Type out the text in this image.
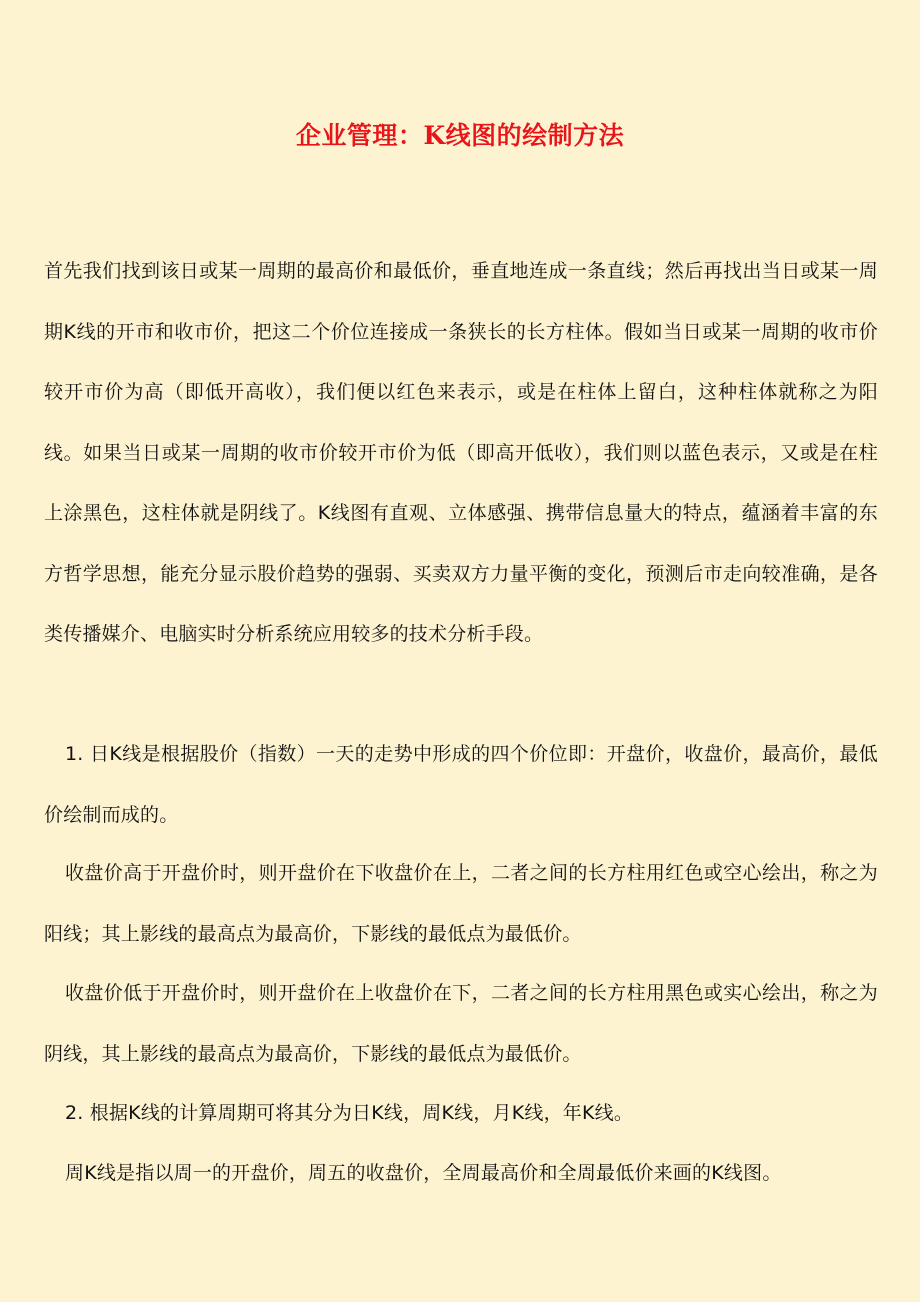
企业管理：K线图的绘制方法

首先我们找到该日或某一周期的最高价和最低价，垂直地连成一条直线；然后再找出当日或某一周期K线的开市和收市价，把这二个价位连接成一条狭长的长方柱体。假如当日或某一周期的收市价较开市价为高（即低开高收），我们便以红色来表示，或是在柱体上留白，这种柱体就称之为阳线。如果当日或某一周期的收市价较开市价为低（即高开低收），我们则以蓝色表示，又或是在柱上涂黑色，这柱体就是阴线了。K线图有直观、立体感强、携带信息量大的特点，蕴涵着丰富的东方哲学思想，能充分显示股价趋势的强弱、买卖双方力量平衡的变化，预测后市走向较准确，是各类传播媒介、电脑实时分析系统应用较多的技术分析手段。

1. 日K线是根据股价（指数）一天的走势中形成的四个价位即：开盘价，收盘价，最高价，最低价绘制而成的。

收盘价高于开盘价时，则开盘价在下收盘价在上，二者之间的长方柱用红色或空心绘出，称之为阳线；其上影线的最高点为最高价，下影线的最低点为最低价。

收盘价低于开盘价时，则开盘价在上收盘价在下，二者之间的长方柱用黑色或实心绘出，称之为阴线，其上影线的最高点为最高价，下影线的最低点为最低价。

2. 根据K线的计算周期可将其分为日K线，周K线，月K线，年K线。

周K线是指以周一的开盘价，周五的收盘价，全周最高价和全周最低价来画的K线图。
